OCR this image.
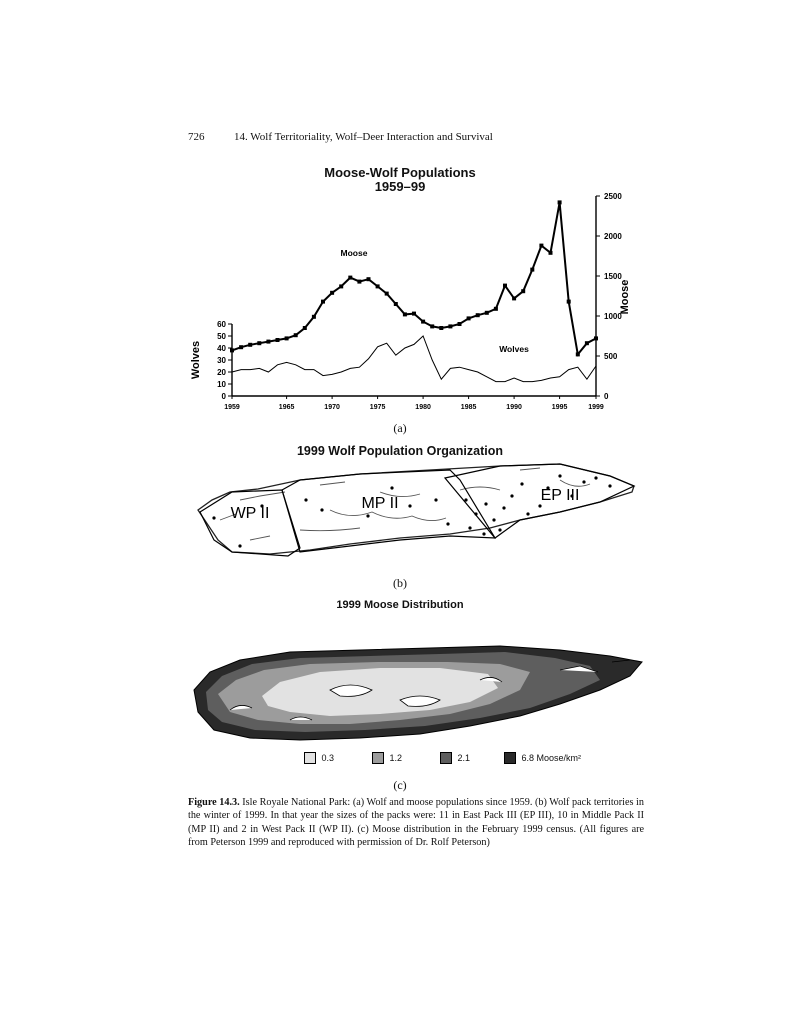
726	14. Wolf Territoriality, Wolf–Deer Interaction and Survival
Moose-Wolf Populations
1959–99
0
10
20
30
40
50
60
0
500
1000
1500
2000
2500
1959	1965	1970	1975	1980	1985	1990	1995	1999
Wolves
Moose
Moose
Wolves
(a)
1999 Wolf Population Organization
WP II
MP II	EP III
(b)
1999 Moose Distribution
0.3	1.2	2.1	6.8 Moose/km²
(c)
Figure 14.3. Isle Royale National Park: (a) Wolf and moose populations since 1959. (b) Wolf pack territories in the winter of 1999. In that year the sizes of the packs were: 11 in East Pack III (EP III), 10 in Middle Pack II (MP II) and 2 in West Pack II (WP II). (c) Moose distribution in the February 1999 census. (All figures are from Peterson 1999 and reproduced with permission of Dr. Rolf Peterson)
